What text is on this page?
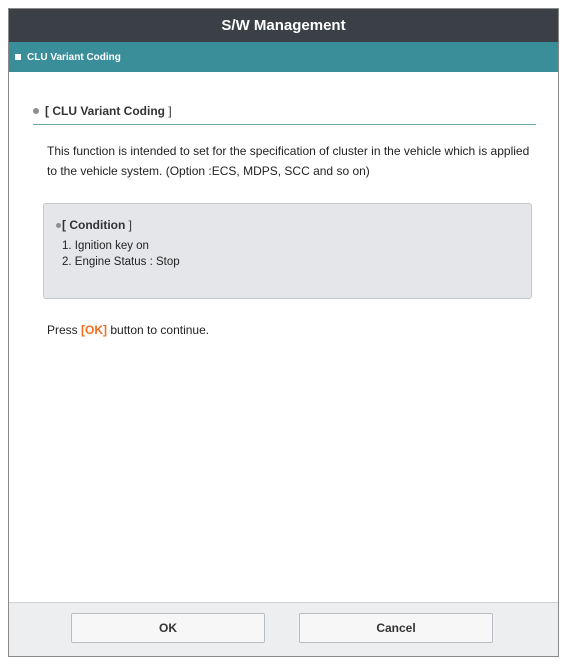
S/W Management
CLU Variant Coding
[ CLU Variant Coding ]
This function is intended to set for the specification of cluster in the vehicle which is applied to the vehicle system. (Option :ECS, MDPS, SCC and so on)
[ Condition ]
1. Ignition key on
2. Engine Status : Stop
Press [OK] button to continue.
OK	Cancel
